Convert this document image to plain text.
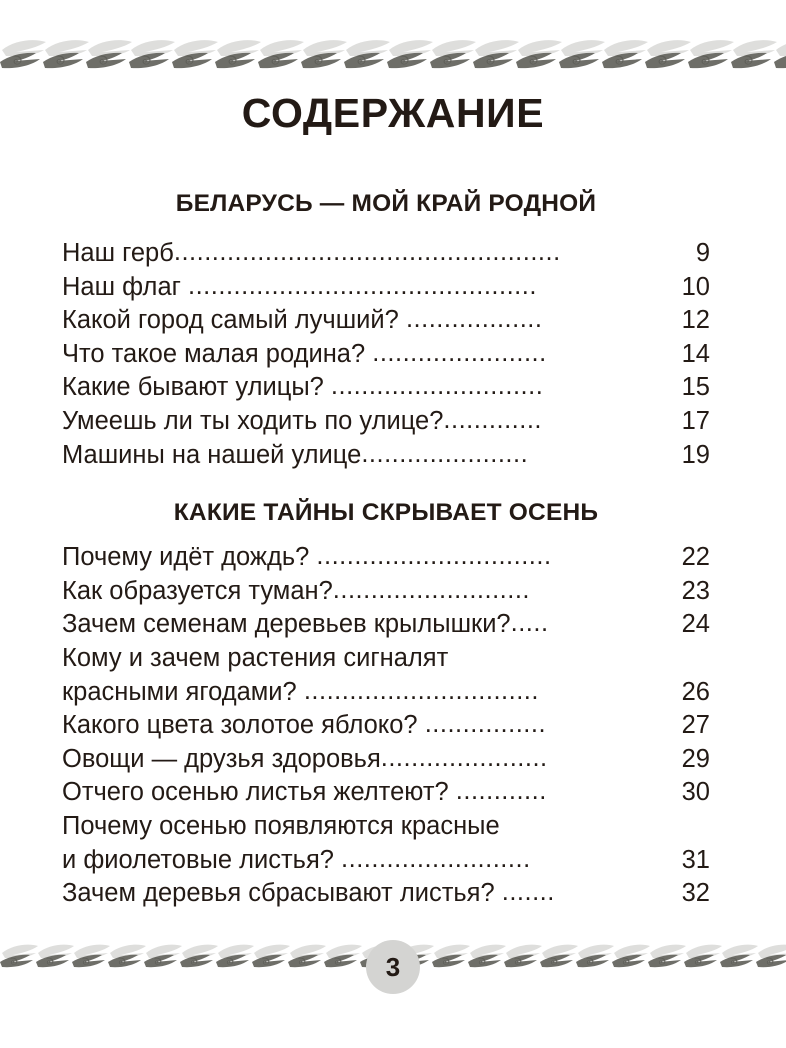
СОДЕРЖАНИЕ
БЕЛАРУСЬ — МОЙ КРАЙ РОДНОЙ
Наш герб ...................................................	9
Наш флаг ..............................................	10
Какой город самый лучший? ..................	12
Что такое малая родина? .......................	14
Какие бывают улицы? ............................	15
Умеешь ли ты ходить по улице? .............	17
Машины на нашей улице ......................	19
КАКИЕ ТАЙНЫ СКРЫВАЕТ ОСЕНЬ
Почему идёт дождь? ...............................	22
Как образуется туман? ..........................	23
Зачем семенам деревьев крылышки? .....	24
Кому и зачем растения сигналят
красными ягодами? ...............................	26
Какого цвета золотое яблоко? ................	27
Овощи — друзья здоровья ......................	29
Отчего осенью листья желтеют? ............	30
Почему осенью появляются красные
и фиолетовые листья? .........................	31
Зачем деревья сбрасывают листья? .......	32
3
